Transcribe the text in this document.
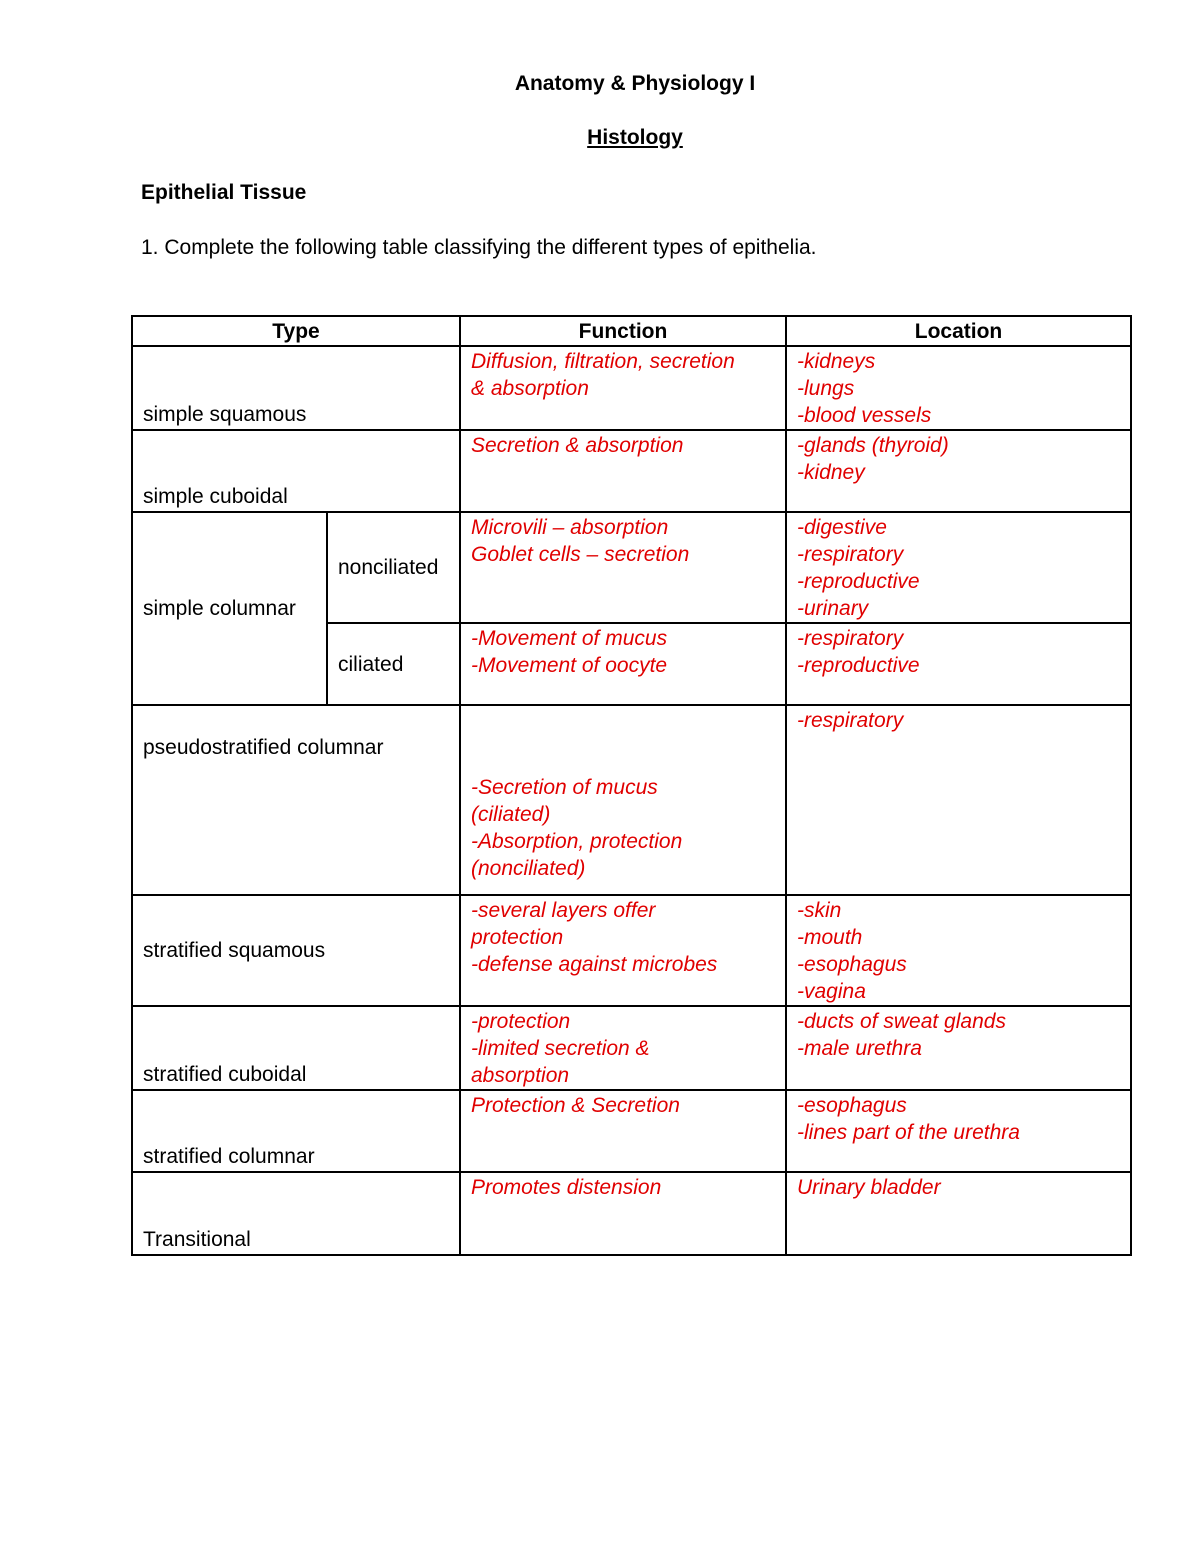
Anatomy & Physiology I
Histology
Epithelial Tissue
1. Complete the following table classifying the different types of epithelia.
Type		Function	Location
simple squamous		Diffusion, filtration, secretion
& absorption	-kidneys
-lungs
-blood vessels

simple cuboidal		Secretion & absorption	-glands (thyroid)
-kidney

simple columnar	nonciliated	Microvili – absorption
Goblet cells – secretion	-digestive
-respiratory
-reproductive
-urinary

	ciliated	-Movement of mucus
-Movement of oocyte	-respiratory
-reproductive

pseudostratified columnar		-Secretion of mucus
(ciliated)
-Absorption, protection
(nonciliated)	-respiratory

stratified squamous		-several layers offer
protection
-defense against microbes	-skin
-mouth
-esophagus
-vagina

stratified cuboidal		-protection
-limited secretion &
absorption	-ducts of sweat glands
-male urethra

stratified columnar		Protection & Secretion	-esophagus
-lines part of the urethra

Transitional		Promotes distension	Urinary bladder
